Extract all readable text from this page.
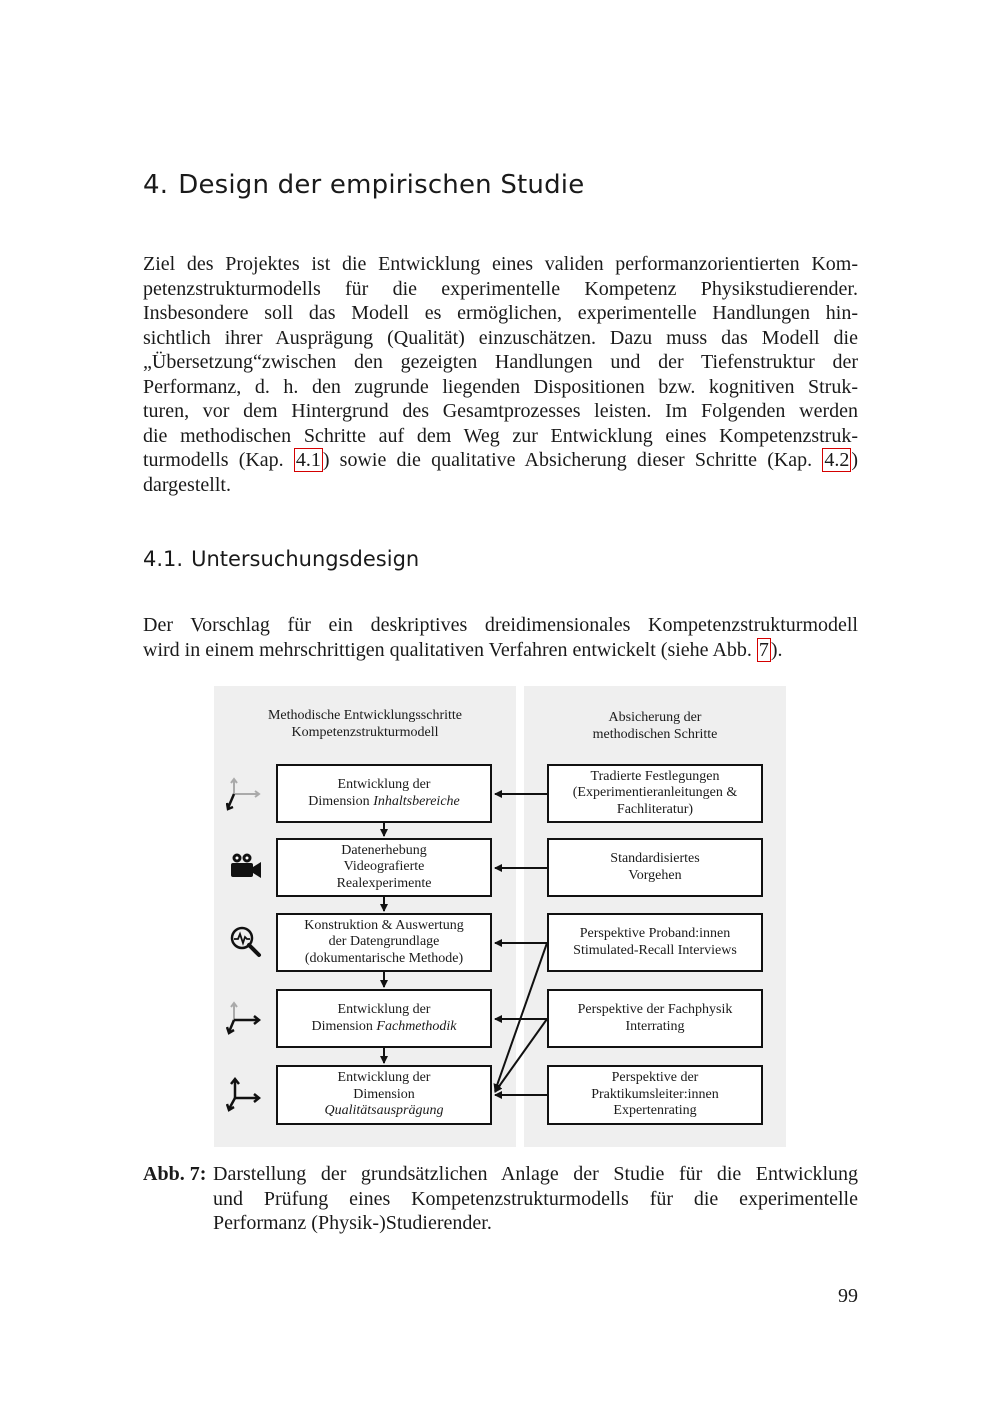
4. Design der empirischen Studie

Ziel des Projektes ist die Entwicklung eines validen performanzorientierten Kom-
petenzstrukturmodells für die experimentelle Kompetenz Physikstudierender.
Insbesondere soll das Modell es ermöglichen, experimentelle Handlungen hin-
sichtlich ihrer Ausprägung (Qualität) einzuschätzen. Dazu muss das Modell die
„Übersetzung“zwischen den gezeigten Handlungen und der Tiefenstruktur der
Performanz, d. h. den zugrunde liegenden Dispositionen bzw. kognitiven Struk-
turen, vor dem Hintergrund des Gesamtprozesses leisten. Im Folgenden werden
die methodischen Schritte auf dem Weg zur Entwicklung eines Kompetenzstruk-
turmodells (Kap. 4.1 ) sowie die qualitative Absicherung dieser Schritte (Kap. 4.2 )
dargestellt.

4.1. Untersuchungsdesign

Der Vorschlag für ein deskriptives dreidimensionales Kompetenzstrukturmodell
wird in einem mehrschrittigen qualitativen Verfahren entwickelt (siehe Abb. 7 ).

Methodische Entwicklungsschritte
Kompetenzstrukturmodell
Absicherung der
methodischen Schritte
Entwicklung der
Dimension Inhaltsbereiche
Datenerhebung
Videografierte
Realexperimente
Konstruktion & Auswertung
der Datengrundlage
(dokumentarische Methode)
Entwicklung der
Dimension Fachmethodik
Entwicklung der
Dimension
Qualitätsausprägung
Tradierte Festlegungen
(Experimentieranleitungen &
Fachliteratur)
Standardisiertes
Vorgehen
Perspektive Proband:innen
Stimulated-Recall Interviews
Perspektive der Fachphysik
Interrating
Perspektive der
Praktikumsleiter:innen
Expertenrating
Abb. 7: Darstellung der grundsätzlichen Anlage der Studie für die Entwicklung
und Prüfung eines Kompetenzstrukturmodells für die experimentelle
Performanz (Physik-)Studierender.
99
